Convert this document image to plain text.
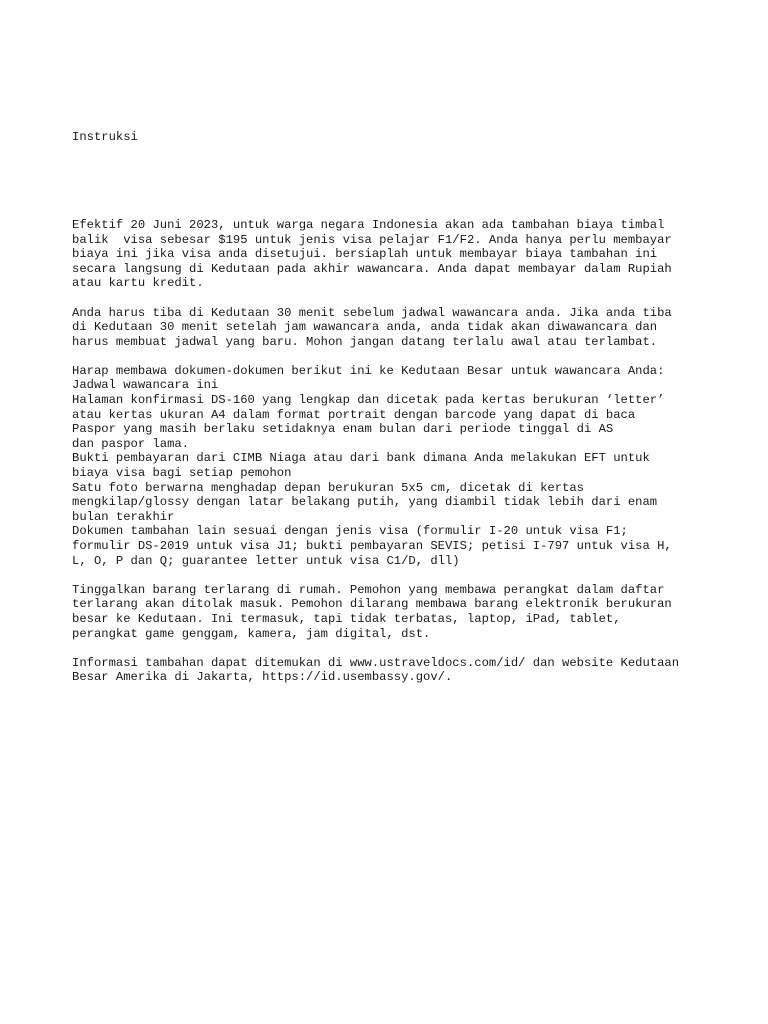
Instruksi

Efektif 20 Juni 2023, untuk warga negara Indonesia akan ada tambahan biaya timbal
balik  visa sebesar $195 untuk jenis visa pelajar F1/F2. Anda hanya perlu membayar
biaya ini jika visa anda disetujui. bersiaplah untuk membayar biaya tambahan ini
secara langsung di Kedutaan pada akhir wawancara. Anda dapat membayar dalam Rupiah
atau kartu kredit.
Anda harus tiba di Kedutaan 30 menit sebelum jadwal wawancara anda. Jika anda tiba
di Kedutaan 30 menit setelah jam wawancara anda, anda tidak akan diwawancara dan
harus membuat jadwal yang baru. Mohon jangan datang terlalu awal atau terlambat.
Harap membawa dokumen-dokumen berikut ini ke Kedutaan Besar untuk wawancara Anda:
Jadwal wawancara ini
Halaman konfirmasi DS-160 yang lengkap dan dicetak pada kertas berukuran ‘letter’
atau kertas ukuran A4 dalam format portrait dengan barcode yang dapat di baca
Paspor yang masih berlaku setidaknya enam bulan dari periode tinggal di AS
dan paspor lama.
Bukti pembayaran dari CIMB Niaga atau dari bank dimana Anda melakukan EFT untuk
biaya visa bagi setiap pemohon
Satu foto berwarna menghadap depan berukuran 5x5 cm, dicetak di kertas
mengkilap/glossy dengan latar belakang putih, yang diambil tidak lebih dari enam
bulan terakhir
Dokumen tambahan lain sesuai dengan jenis visa (formulir I-20 untuk visa F1;
formulir DS-2019 untuk visa J1; bukti pembayaran SEVIS; petisi I-797 untuk visa H,
L, O, P dan Q; guarantee letter untuk visa C1/D, dll)
Tinggalkan barang terlarang di rumah. Pemohon yang membawa perangkat dalam daftar
terlarang akan ditolak masuk. Pemohon dilarang membawa barang elektronik berukuran
besar ke Kedutaan. Ini termasuk, tapi tidak terbatas, laptop, iPad, tablet,
perangkat game genggam, kamera, jam digital, dst.
Informasi tambahan dapat ditemukan di www.ustraveldocs.com/id/ dan website Kedutaan
Besar Amerika di Jakarta, https://id.usembassy.gov/.
